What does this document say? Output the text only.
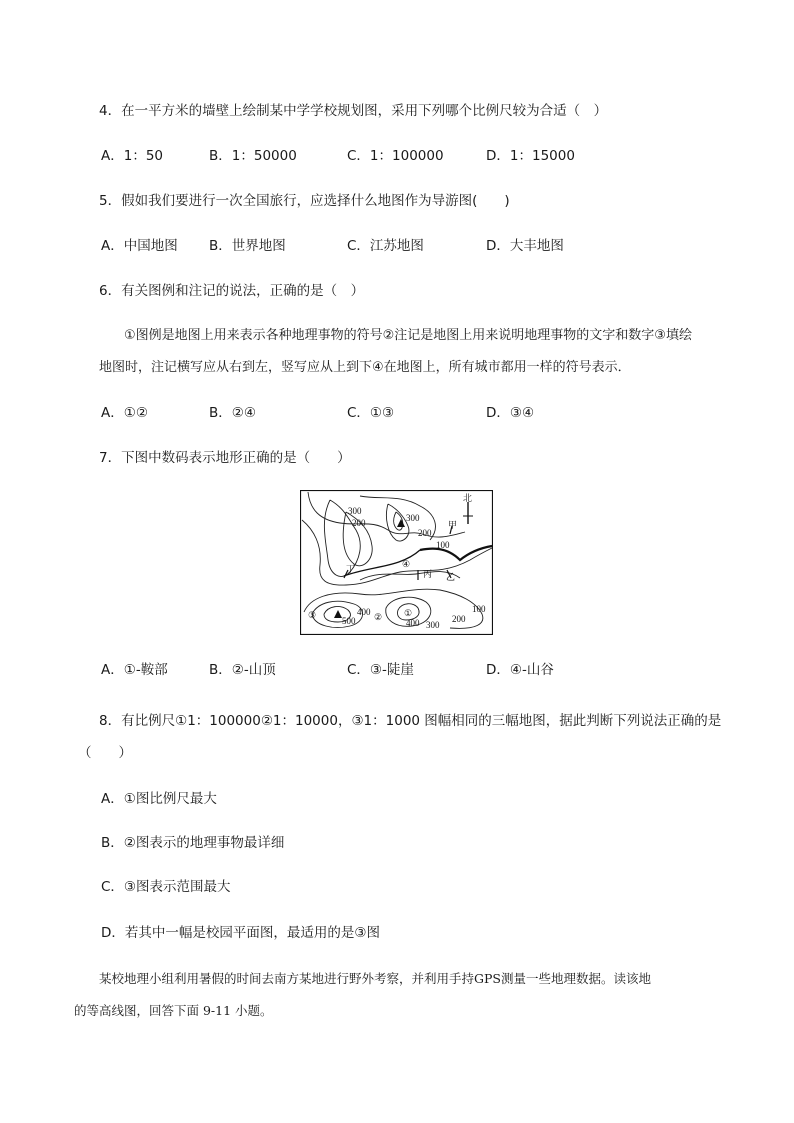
4．在一平方米的墙壁上绘制某中学学校规划图，采用下列哪个比例尺较为合适（　）
A．1：50	B．1：50000	C．1：100000	D．1：15000
5．假如我们要进行一次全国旅行，应选择什么地图作为导游图(　　)
A．中国地图 B．世界地图	C．江苏地图	D．大丰地图
6．有关图例和注记的说法，正确的是（　）
①图例是地图上用来表示各种地理事物的符号②注记是地图上用来说明地理事物的文字和数字③填绘
地图时，注记横写应从右到左，竖写应从上到下④在地图上，所有城市都用一样的符号表示．
A．①②	B．②④	C．①③	D．③④
7．下图中数码表示地形正确的是（　　）
北
300
200	300
200
100
400
500	400 300
200
100
甲
乙
丙
丁
①
②
③
④
A．①-鞍部	B．②-山顶	C．③-陡崖	D．④-山谷
8．有比例尺①1：100000②1：10000，③1：1000 图幅相同的三幅地图，据此判断下列说法正确的是
（　　）
A．①图比例尺最大
B．②图表示的地理事物最详细
C．③图表示范围最大
D．若其中一幅是校园平面图，最适用的是③图
某校地理小组利用暑假的时间去南方某地进行野外考察，并利用手持GPS测量一些地理数据。读该地
的等高线图，回答下面 9-11 小题。
